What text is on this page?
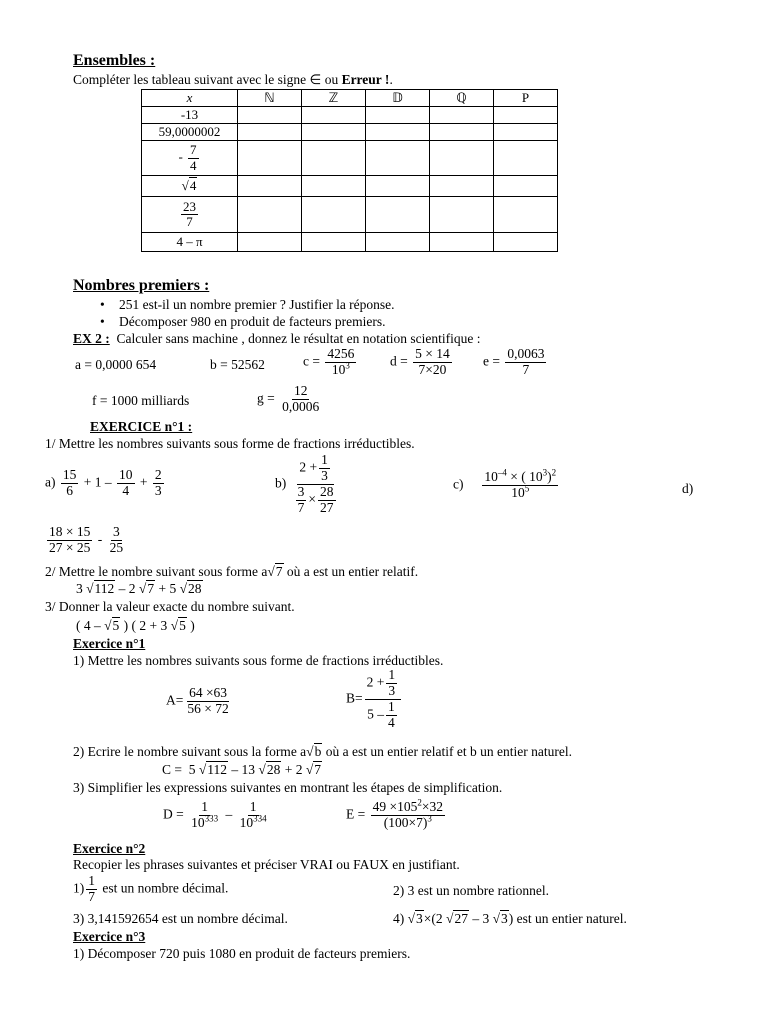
Ensembles :
Compléter les tableau suivant avec le signe ∈ ou Erreur !.
x	ℕ	ℤ	𝔻	ℚ	P
-13					
59,0000002					
- $\frac{7}{4}$

√4					

$\frac{23}{7}$

4 – π					
Nombres premiers :
• 251 est-il un nombre premier ? Justifier la réponse.
• Décomposer 980 en produit de facteurs premiers.
EX 2 : Calculer sans machine , donnez le résultat en notation scientifique :
a = 0,0000 654	b = 52562	$c = \frac{4256}{10^3}$ $d = \frac{5 \times 14}{7\times 20}$ $e = \frac{0,0063}{7}$
f = 1000 milliards	$g = \frac{12}{0,0006}$
EXERCICE n°1 :
1/ Mettre les nombres suivants sous forme de fractions irréductibles.
$a) \frac{15}{6} + 1 - \frac{10}{4} + \frac{2}{3}$	$b) \frac{2 + \frac{1}{3}}{\frac{3}{7} \times \frac{28}{27}}$	$c) \frac{10^{-4} \times ( 10^3)^2}{10^5}$	d)
$\frac{18 \times 15}{27 \times 25} - \frac{3}{25}$
2/ Mettre le nombre suivant sous forme a√7 où a est un entier relatif.
3 √112 – 2 √7 + 5 √28
3/ Donner la valeur exacte du nombre suivant.
( 4 – √5 ) ( 2 + 3 √5 )
Exercice n°1
1) Mettre les nombres suivants sous forme de fractions irréductibles.
$A= \frac{64 \times 63}{56 \times 72}$	$B= \frac{2 + \frac{1}{3}}{5 - \frac{1}{4}}$
2) Ecrire le nombre suivant sous la forme a√b où a est un entier relatif et b un entier naturel.
C = 5 √112 – 13 √28 + 2 √7
3) Simplifier les expressions suivantes en montrant les étapes de simplification.
$D = \frac{1}{10^{333}} - \frac{1}{10^{334}}$	$E = \frac{49 \times 105^2\times 32}{(100\times 7)^3}$
Exercice n°2
Recopier les phrases suivantes et préciser VRAI ou FAUX en justifiant.
$1) \frac{1}{7}$ est un nombre décimal.	2) 3 est un nombre rationnel.
3) 3,141592654 est un nombre décimal.	4) √3×(2 √27 – 3 √3) est un entier naturel.
Exercice n°3
1) Décomposer 720 puis 1080 en produit de facteurs premiers.
